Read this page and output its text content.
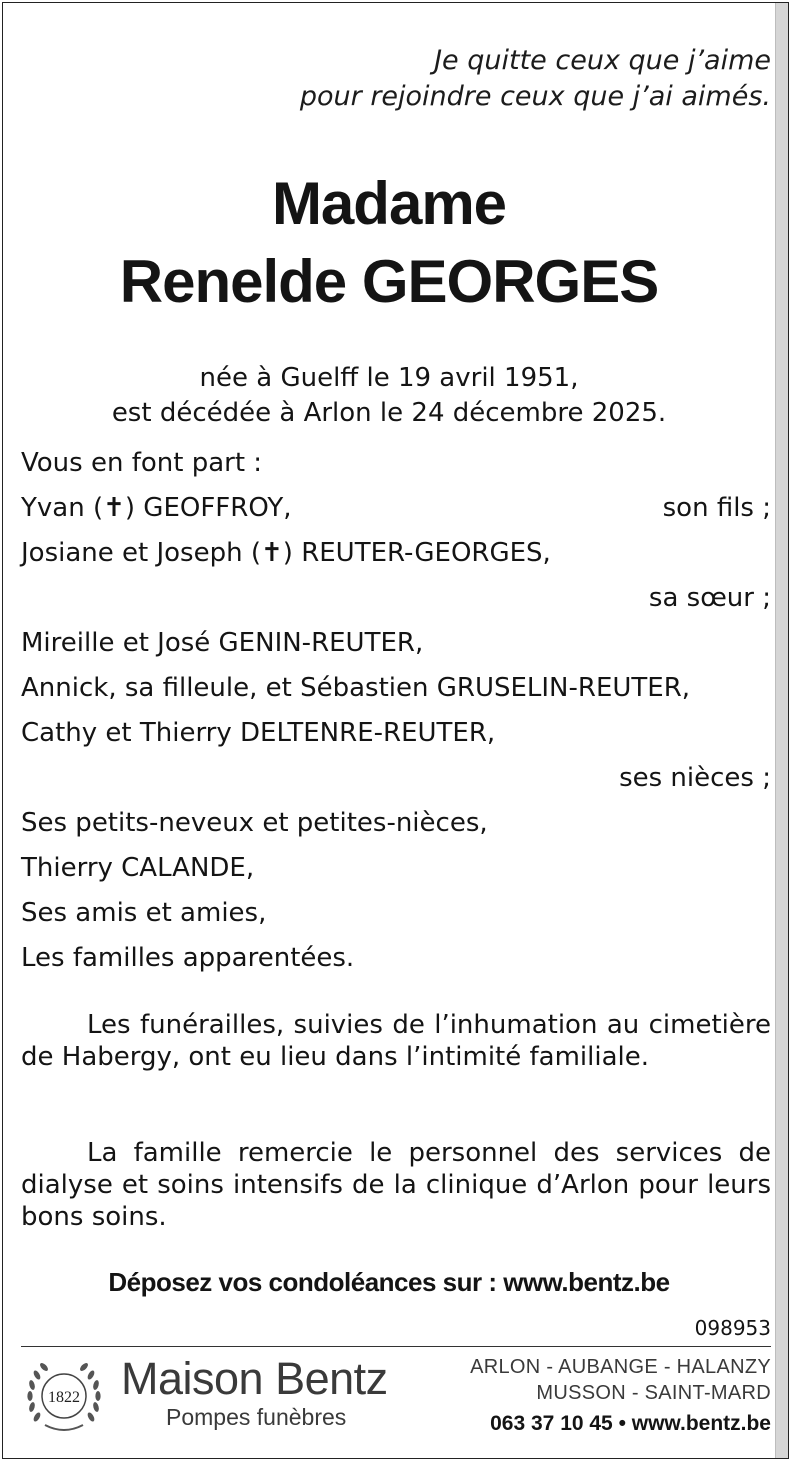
Je quitte ceux que j’aime
pour rejoindre ceux que j’ai aimés.
Madame
Renelde GEORGES
née à Guelff le 19 avril 1951,
est décédée à Arlon le 24 décembre 2025.
Vous en font part :
Yvan (✝) GEOFFROY,	son fils ;
Josiane et Joseph (✝) REUTER-GEORGES,
sa sœur ;
Mireille et José GENIN-REUTER,
Annick, sa filleule, et Sébastien GRUSELIN-REUTER,
Cathy et Thierry DELTENRE-REUTER,
ses nièces ;
Ses petits-neveux et petites-nièces,
Thierry CALANDE,
Ses amis et amies,
Les familles apparentées.
Les funérailles, suivies de l’inhumation au cimetière de Habergy, ont eu lieu dans l’intimité familiale.
La famille remercie le personnel des services de dialyse et soins intensifs de la clinique d’Arlon pour leurs bons soins.
Déposez vos condoléances sur : www.bentz.be
098953
1822 Maison Bentz
Pompes funèbres
ARLON - AUBANGE - HALANZY
MUSSON - SAINT-MARD
063 37 10 45 • www.bentz.be
